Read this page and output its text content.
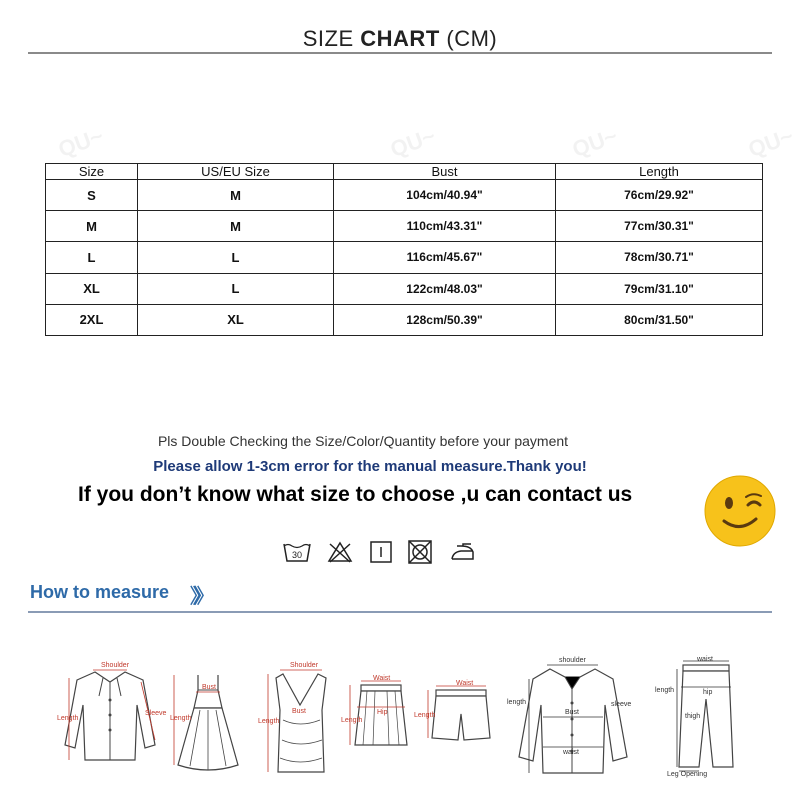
SIZE CHART (CM)
QU~	QU~	QU~	QU~
Size	US/EU Size	Bust	Length
S	M	104cm/40.94"	76cm/29.92"
M	M	110cm/43.31"	77cm/30.31"
L	L	116cm/45.67"	78cm/30.71"
XL	L	122cm/48.03"	79cm/31.10"
2XL	XL	128cm/50.39"	80cm/31.50"
Pls Double Checking the Size/Color/Quantity before your payment
Please allow 1-3cm error for the manual measure.Thank you!
If you don’t know what size to choose ,u can contact us
30

How to measure 》》
Shoulder
Length
Sleeve
Bust
Length
Shoulder
Bust
Length
Waist
Hip
Length
Waist
Length
shoulder
length	sleeve
Bust
waist
waist
hip
length
thigh
Leg Opening
